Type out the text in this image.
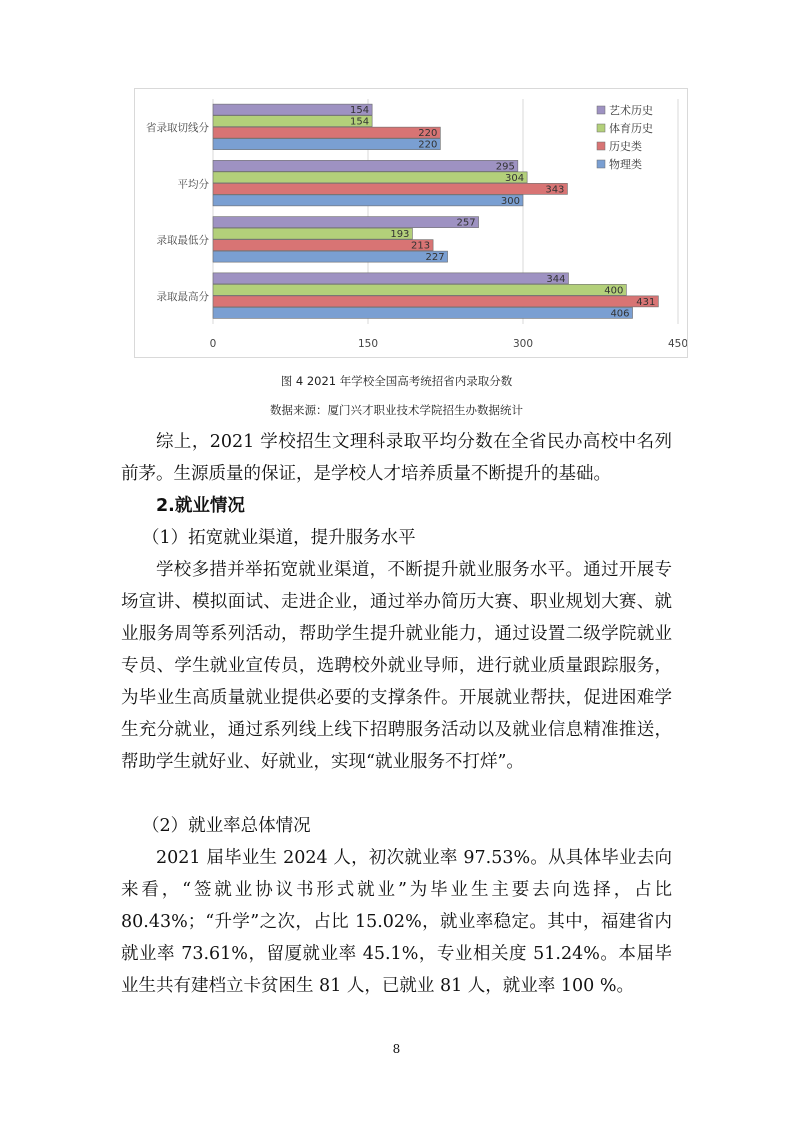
0	150	300	450
154
154
220
220
省录取切线分
295
304
343
300
平均分
257
193
213
227
录取最低分
344
400
431
406
录取最高分
艺术历史
体育历史
历史类
物理类
图 4 2021 年学校全国高考统招省内录取分数
数据来源：厦门兴才职业技术学院招生办数据统计

综上，2021 学校招生文理科录取平均分数在全省民办高校中名列前茅。生源质量的保证，是学校人才培养质量不断提升的基础。

2.就业情况

（1）拓宽就业渠道，提升服务水平

学校多措并举拓宽就业渠道，不断提升就业服务水平。通过开展专场宣讲、模拟面试、走进企业，通过举办简历大赛、职业规划大赛、就业服务周等系列活动，帮助学生提升就业能力，通过设置二级学院就业专员、学生就业宣传员，选聘校外就业导师，进行就业质量跟踪服务，为毕业生高质量就业提供必要的支撑条件。开展就业帮扶，促进困难学生充分就业，通过系列线上线下招聘服务活动以及就业信息精准推送，帮助学生就好业、好就业，实现“就业服务不打烊”。

（2）就业率总体情况

2021 届毕业生 2024 人，初次就业率 97.53%。从具体毕业去向来看，“签就业协议书形式就业”为毕业生主要去向选择，占比 80.43%；“升学”之次，占比 15.02%，就业率稳定。其中，福建省内就业率 73.61%，留厦就业率 45.1%，专业相关度 51.24%。本届毕业生共有建档立卡贫困生 81 人，已就业 81 人，就业率 100 %。

8
